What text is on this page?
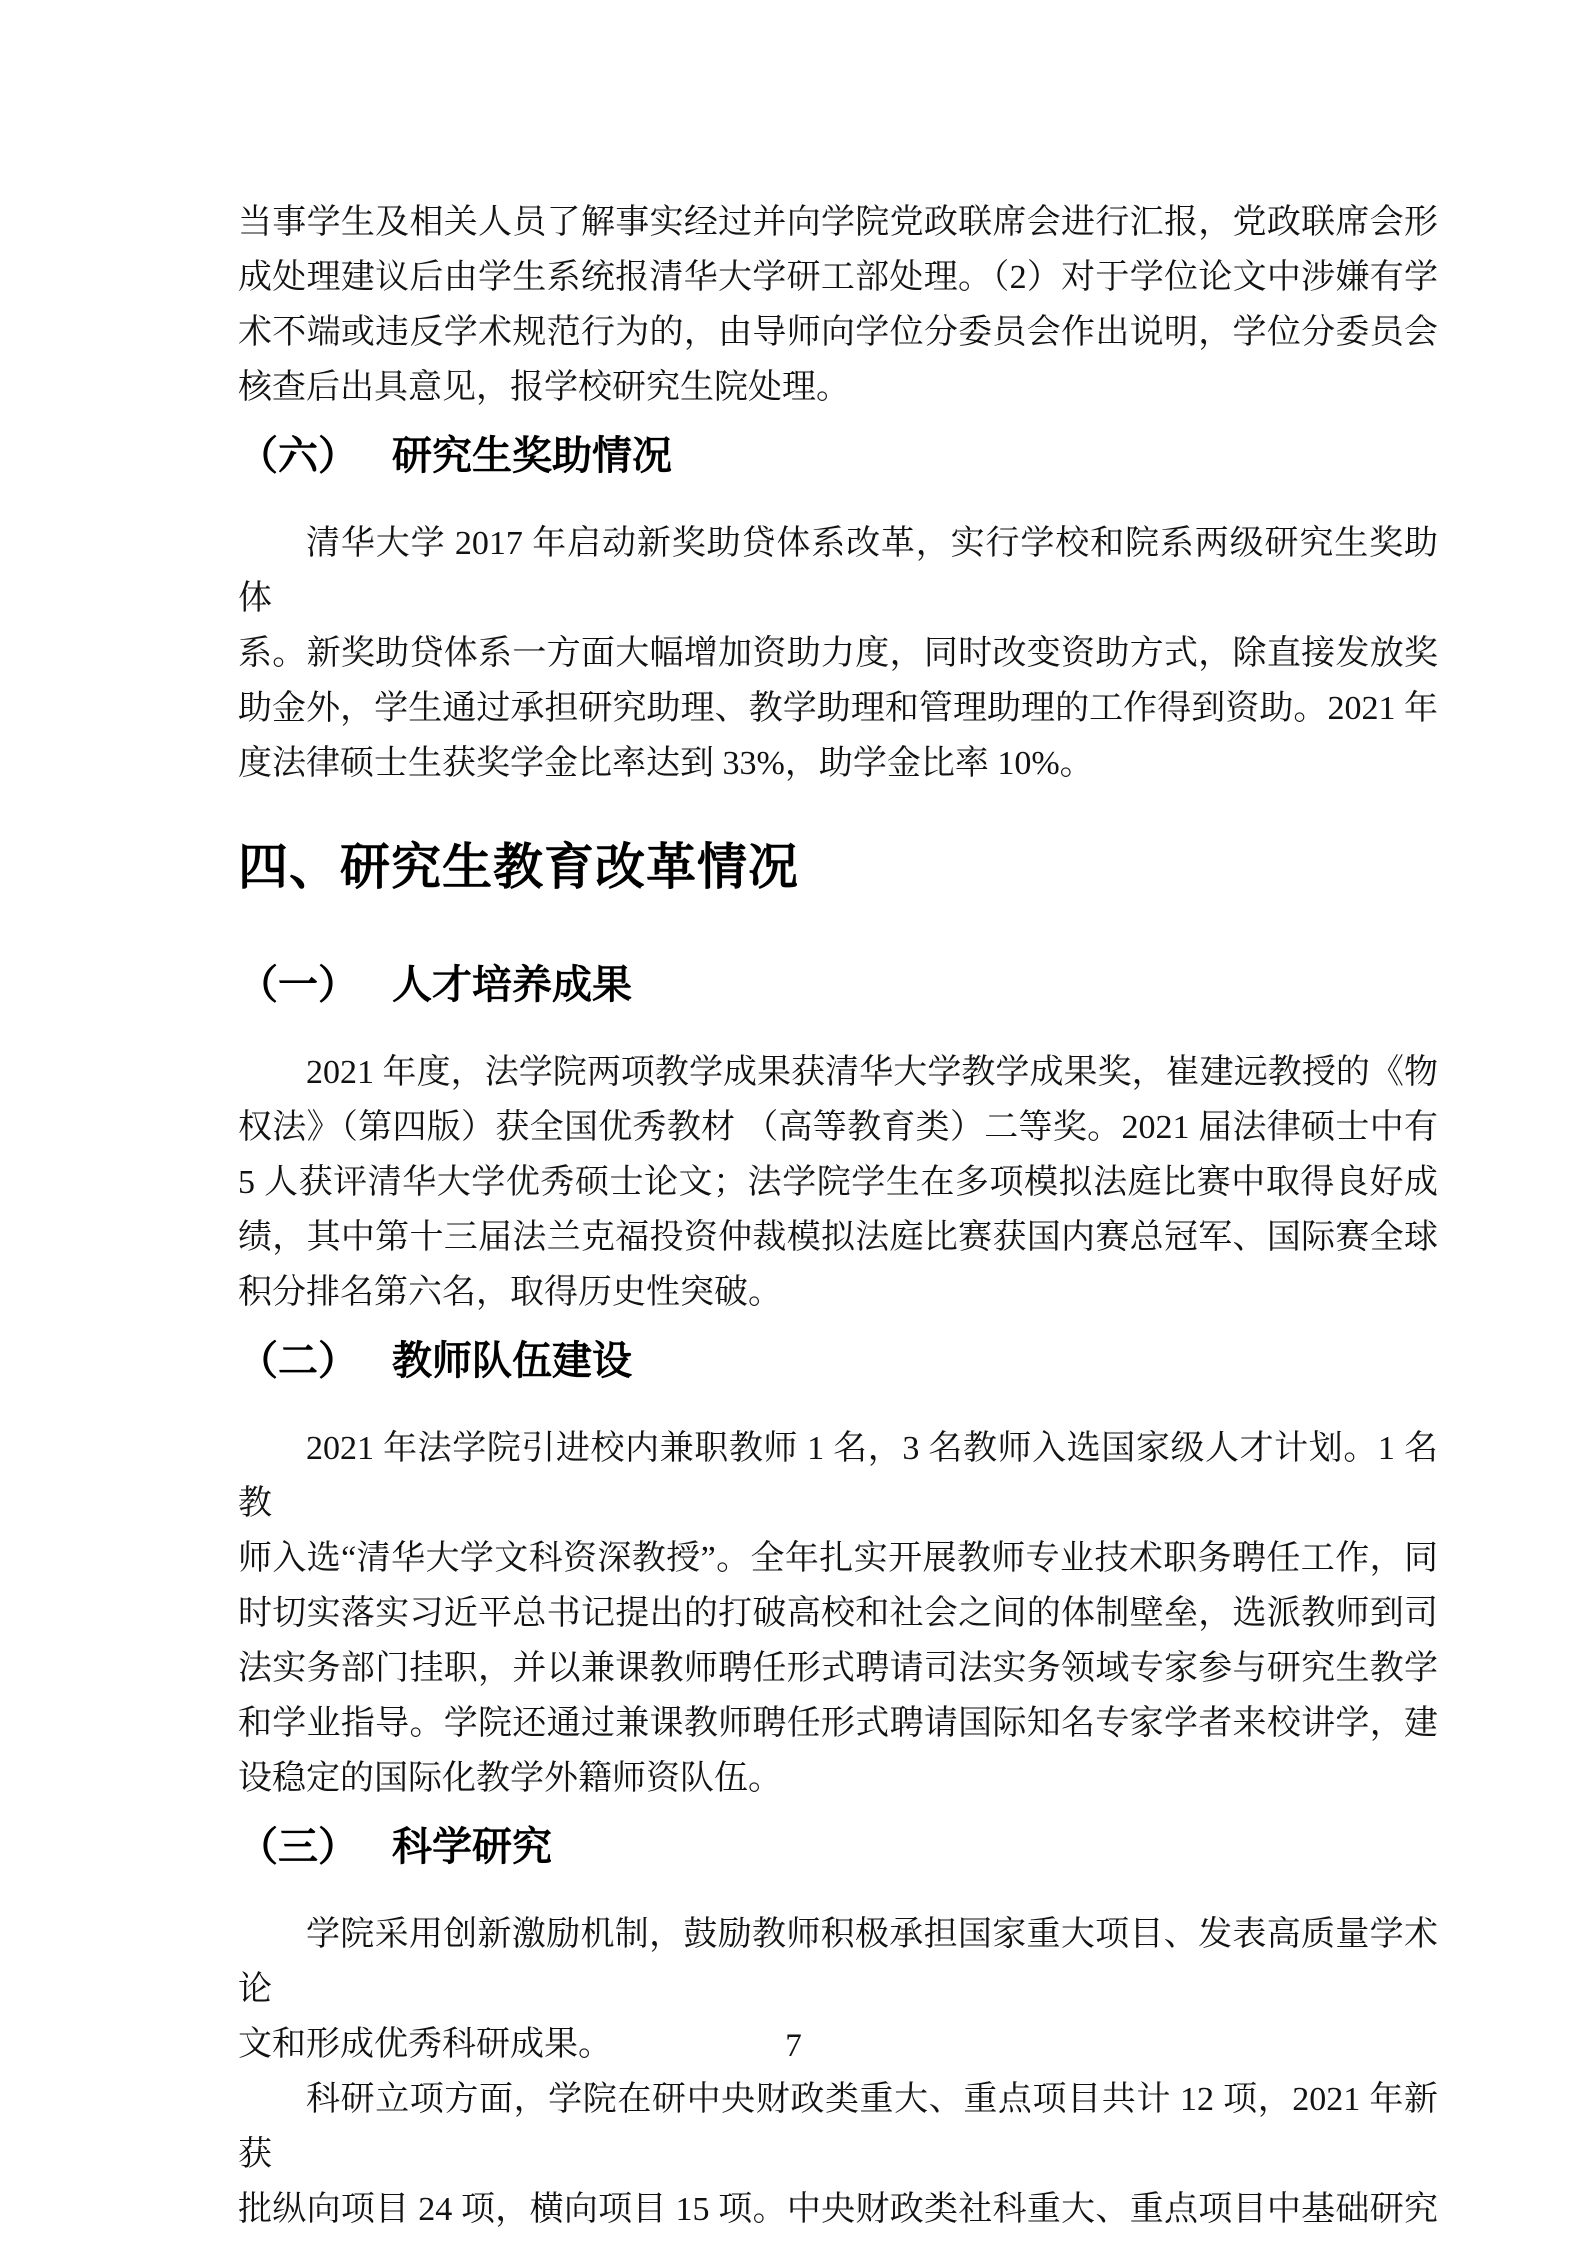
当事学生及相关人员了解事实经过并向学院党政联席会进行汇报，党政联席会形
成处理建议后由学生系统报清华大学研工部处理。（2）对于学位论文中涉嫌有学
术不端或违反学术规范行为的，由导师向学位分委员会作出说明，学位分委员会
核查后出具意见，报学校研究生院处理。
（六） 研究生奖助情况
清华大学 2017 年启动新奖助贷体系改革，实行学校和院系两级研究生奖助体
系。新奖助贷体系一方面大幅增加资助力度，同时改变资助方式，除直接发放奖
助金外，学生通过承担研究助理、教学助理和管理助理的工作得到资助。2021 年
度法律硕士生获奖学金比率达到 33%，助学金比率 10%。
四、研究生教育改革情况
（一） 人才培养成果
2021 年度，法学院两项教学成果获清华大学教学成果奖，崔建远教授的《物
权法》（第四版）获全国优秀教材 （高等教育类）二等奖。2021 届法律硕士中有
5 人获评清华大学优秀硕士论文；法学院学生在多项模拟法庭比赛中取得良好成
绩，其中第十三届法兰克福投资仲裁模拟法庭比赛获国内赛总冠军、国际赛全球
积分排名第六名，取得历史性突破。
（二） 教师队伍建设
2021 年法学院引进校内兼职教师 1 名，3 名教师入选国家级人才计划。1 名教
师入选“清华大学文科资深教授”。全年扎实开展教师专业技术职务聘任工作，同
时切实落实习近平总书记提出的打破高校和社会之间的体制壁垒，选派教师到司
法实务部门挂职，并以兼课教师聘任形式聘请司法实务领域专家参与研究生教学
和学业指导。学院还通过兼课教师聘任形式聘请国际知名专家学者来校讲学，建
设稳定的国际化教学外籍师资队伍。
（三） 科学研究
学院采用创新激励机制，鼓励教师积极承担国家重大项目、发表高质量学术论
文和形成优秀科研成果。
科研立项方面，学院在研中央财政类重大、重点项目共计 12 项，2021 年新获
批纵向项目 24 项，横向项目 15 项。中央财政类社科重大、重点项目中基础研究
7
